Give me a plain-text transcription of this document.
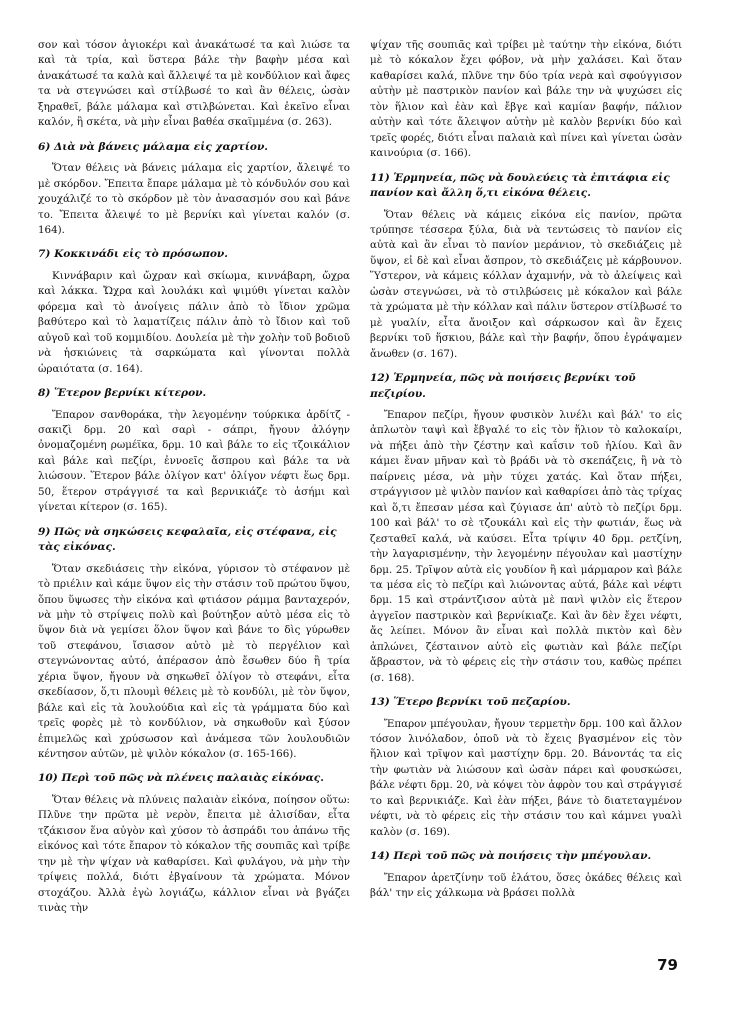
σον καὶ τόσον ἁγιοκέρι καὶ ἀνακάτωσέ τα καὶ λιώσε τα καὶ τὰ τρία, καὶ ὕστερα βάλε τὴν βαφὴν μέσα καὶ ἀνακάτωσέ τα καλὰ καὶ ἄλλειψέ τα μὲ κονδύλιον καὶ ἄφες τα νὰ στεγνώσει καὶ στίλβωσέ το καὶ ἂν θέλεις, ὡσὰν ξηραθεῖ, βάλε μάλαμα καὶ στιλβώνεται. Καὶ ἐκεῖνο εἶναι καλόν, ἢ σκέτα, νὰ μὴν εἶναι βαθέα σκαϊμμένα (σ. 263).

6) Διὰ νὰ βάνεις μάλαμα εἰς χαρτίον.

Ὅταν θέλεις νὰ βάνεις μάλαμα εἰς χαρτίον, ἄλειψέ το μὲ σκόρδον. Ἔπειτα ἔπαρε μάλαμα μὲ τὸ κόνδυλόν σου καὶ χουχάλιζέ το τὸ σκόρδον μὲ τὸν ἀνασασμόν σου καὶ βάνε το. Ἔπειτα ἄλειψέ το μὲ βερνίκι καὶ γίνεται καλόν (σ. 164).

7) Κοκκινάδι εἰς τὸ πρόσωπον.

Κιννάβαριν καὶ ὤχραν καὶ σκίωμα, κιννάβαρη, ὤχρα καὶ λάκκα. Ὤχρα καὶ λουλάκι καὶ ψιμύθι γίνεται καλὸν φόρεμα καὶ τὸ ἀνοίγεις πάλιν ἀπὸ τὸ ἴδιον χρῶμα βαθύτερο καὶ τὸ λαματίζεις πάλιν ἀπὸ τὸ ἴδιον καὶ τοῦ αὐγοῦ καὶ τοῦ κομμιδίου. Δουλεία μὲ τὴν χολὴν τοῦ βοδιοῦ νὰ ἡσκιώνεις τὰ σαρκώματα καὶ γίνονται πολλὰ ὡραιότατα (σ. 164).

8) Ἕτερον βερνίκι κίτερον.

Ἔπαρον σανθοράκα, τὴν λεγομένην τούρκικα ἀρδίτζ - σακιζὶ δρμ. 20 καὶ σαρὶ - σάπρι, ἤγουν ἀλόγην ὀνομαζομένη ρωμέϊκα, δρμ. 10 καὶ βάλε το εἰς τζοικάλιον καὶ βάλε καὶ πεζίρι, ἐννοεῖς ἄσπρου καὶ βάλε τα νὰ λιώσουν. Ἕτερον βάλε ὀλίγον κατ' ὀλίγον νέφτι ἕως δρμ. 50, ἕτερον στράγγισέ τα καὶ βερνικιάζε τὸ ἀσήμι καὶ γίνεται κίτερον (σ. 165).

9) Πῶς νὰ σηκώσεις κεφαλαῖα, εἰς στέφανα, εἰς τὰς εἰκόνας.

Ὅταν σκεδιάσεις τὴν εἰκόνα, γύρισον τὸ στέφανον μὲ τὸ πριέλιν καὶ κάμε ὕψον εἰς τὴν στάσιν τοῦ πρώτου ὕψου, ὅπου ὕψωσες τὴν εἰκόνα καὶ φτιάσον ράμμα βανταχερόν, νὰ μὴν τὸ στρίψεις πολὺ καὶ βούτηξον αὐτὸ μέσα εἰς τὸ ὕψον διὰ νὰ γεμίσει ὅλον ὕψον καὶ βάνε το δὶς γύρωθεν τοῦ στεφάνου, ἴσιασον αὐτὸ μὲ τὸ περγέλιον καὶ στεγνώνοντας αὐτό, ἀπέρασον ἀπὸ ἔσωθεν δύο ἢ τρία χέρια ὕψον, ἤγουν νὰ σηκωθεῖ ὀλίγον τὸ στεφάνι, εἶτα σκεδίασον, ὅ,τι πλουμὶ θέλεις μὲ τὸ κονδύλι, μὲ τὸν ὕψον, βάλε καὶ εἰς τὰ λουλούδια καὶ εἰς τὰ γράμματα δύο καὶ τρεῖς φορὲς μὲ τὸ κονδύλιον, νὰ σηκωθοῦν καὶ ξύσον ἐπιμελῶς καὶ χρύσωσον καὶ ἀνάμεσα τῶν λουλουδιῶν κέντησον αὐτῶν, μὲ ψιλὸν κόκαλον (σ. 165-166).

10) Περὶ τοῦ πῶς νὰ πλένεις παλαιὰς εἰκόνας.

Ὅταν θέλεις νὰ πλύνεις παλαιὰν εἰκόνα, ποίησον οὕτω: Πλῦνε την πρῶτα μὲ νερὸν, ἔπειτα μὲ ἀλισίδαν, εἶτα τζάκισον ἕνα αὐγὸν καὶ χύσον τὸ ἀσπράδι του ἀπάνω τῆς εἰκόνος καὶ τότε ἔπαρον τὸ κόκαλον τῆς σουπιᾶς καὶ τρίβε την μὲ τὴν ψίχαν νὰ καθαρίσει. Καὶ φυλάγου, νὰ μὴν τὴν τρίψεις πολλά, διότι ἐβγαίνουν τὰ χρώματα. Μόνον στοχάζου. Ἀλλὰ ἐγὼ λογιάζω, κάλλιον εἶναι νὰ βγάζει τινὰς τὴν

ψίχαν τῆς σουπιᾶς καὶ τρίβει μὲ ταύτην τὴν εἰκόνα, διότι μὲ τὸ κόκαλον ἔχει φόβον, νὰ μὴν χαλάσει. Καὶ ὅταν καθαρίσει καλά, πλῦνε την δύο τρία νερὰ καὶ σφούγγισον αὐτὴν μὲ παστρικὸν πανίον καὶ βάλε την νὰ ψυχώσει εἰς τὸν ἥλιον καὶ ἐὰν καὶ ἔβγε καὶ καμίαν βαφήν, πάλιον αὐτὴν καὶ τότε ἄλειψον αὐτὴν μὲ καλὸν βερνίκι δύο καὶ τρεῖς φορές, διότι εἶναι παλαιὰ καὶ πίνει καὶ γίνεται ὡσὰν καινούρια (σ. 166).

11) Ἑρμηνεία, πῶς νὰ δουλεύεις τὰ ἐπιτάφια εἰς πανίον καὶ ἄλλη ὅ,τι εἰκόνα θέλεις.

Ὅταν θέλεις νὰ κάμεις εἰκόνα εἰς πανίον, πρῶτα τρύπησε τέσσερα ξύλα, διὰ νὰ τεντώσεις τὸ πανίον εἰς αὐτὰ καὶ ἂν εἶναι τὸ πανίον μεράνιον, τὸ σκεδιάζεις μὲ ὕψον, εἰ δὲ καὶ εἶναι ἄσπρον, τὸ σκεδιάζεις μὲ κάρβουνον. Ὕστερον, νὰ κάμεις κόλλαν ἀχαμνήν, νὰ τὸ ἀλείψεις καὶ ὡσὰν στεγνώσει, νὰ τὸ στιλβώσεις μὲ κόκαλον καὶ βάλε τὰ χρώματα μὲ τὴν κόλλαν καὶ πάλιν ὕστερον στίλβωσέ το μὲ γυαλίν, εἶτα ἄνοιξον καὶ σάρκωσον καὶ ἂν ἔχεις βερνίκι τοῦ ἥσκιου, βάλε καὶ τὴν βαφήν, ὅπου ἐγράψαμεν ἄνωθεν (σ. 167).

12) Ἑρμηνεία, πῶς νὰ ποιήσεις βερνίκι τοῦ πεζιρίου.

Ἔπαρον πεζίρι, ἤγουν φυσικὸν λινέλι καὶ βάλ' το εἰς ἀπλωτὸν ταψὶ καὶ ἔβγαλέ το εἰς τὸν ἥλιον τὸ καλοκαίρι, νὰ πήξει ἀπὸ τὴν ζέστην καὶ καΐσιν τοῦ ἡλίου. Καὶ ἂν κάμει ἕναν μῆναν καὶ τὸ βράδι νὰ τὸ σκεπάζεις, ἢ νὰ τὸ παίρνεις μέσα, νὰ μὴν τύχει χατάς. Καὶ ὅταν πήξει, στράγγισον μὲ ψιλὸν πανίον καὶ καθαρίσει ἀπὸ τὰς τρίχας καὶ ὅ,τι ἔπεσαν μέσα καὶ ζύγιασε ἀπ' αὐτὸ τὸ πεζίρι δρμ. 100 καὶ βάλ' το σὲ τζουκάλι καὶ εἰς τὴν φωτιάν, ἕως νὰ ζεσταθεῖ καλά, νὰ καύσει. Εἶτα τρίψιν 40 δρμ. ρετζίνη, τὴν λαγαρισμένην, τὴν λεγομένην πέγουλαν καὶ μαστίχην δρμ. 25. Τρῖψον αὐτὰ εἰς γουδίον ἢ καὶ μάρμαρον καὶ βάλε τα μέσα εἰς τὸ πεζίρι καὶ λιώνοντας αὐτά, βάλε καὶ νέφτι δρμ. 15 καὶ στράντζισον αὐτὰ μὲ πανὶ ψιλὸν εἰς ἕτερον ἀγγεῖον παστρικὸν καὶ βερνίκιαζε. Καὶ ἂν δὲν ἔχει νέφτι, ἄς λείπει. Μόνον ἂν εἶναι καὶ πολλὰ πικτὸν καὶ δὲν ἁπλώνει, ζέσταινον αὐτὸ εἰς φωτιὰν καὶ βάλε πεζίρι ἄβραστον, νὰ τὸ φέρεις εἰς τὴν στάσιν του, καθὼς πρέπει (σ. 168).

13) Ἕτερο βερνίκι τοῦ πεζαρίου.

Ἔπαρον μπέγουλαν, ἤγουν τερμετὴν δρμ. 100 καὶ ἄλλον τόσον λινόλαδον, ὁποῦ νὰ τὸ ἔχεις βγασμένον εἰς τὸν ἥλιον καὶ τρῖψον καὶ μαστίχην δρμ. 20. Βάνοντάς τα εἰς τὴν φωτιὰν νὰ λιώσουν καὶ ὡσὰν πάρει καὶ φουσκώσει, βάλε νέφτι δρμ. 20, νὰ κόψει τὸν ἀφρὸν του καὶ στράγγισέ το καὶ βερνικιάζε. Καὶ ἐὰν πήξει, βάνε τὸ διατεταγμένον νέφτι, νὰ τὸ φέρεις εἰς τὴν στάσιν του καὶ κάμνει γυαλὶ καλὸν (σ. 169).

14) Περὶ τοῦ πῶς νὰ ποιήσεις τὴν μπέγουλαν.

Ἔπαρον ἀρετζίνην τοῦ ἐλάτου, ὅσες ὀκάδες θέλεις καὶ βάλ' την εἰς χάλκωμα νὰ βράσει πολλὰ

79
